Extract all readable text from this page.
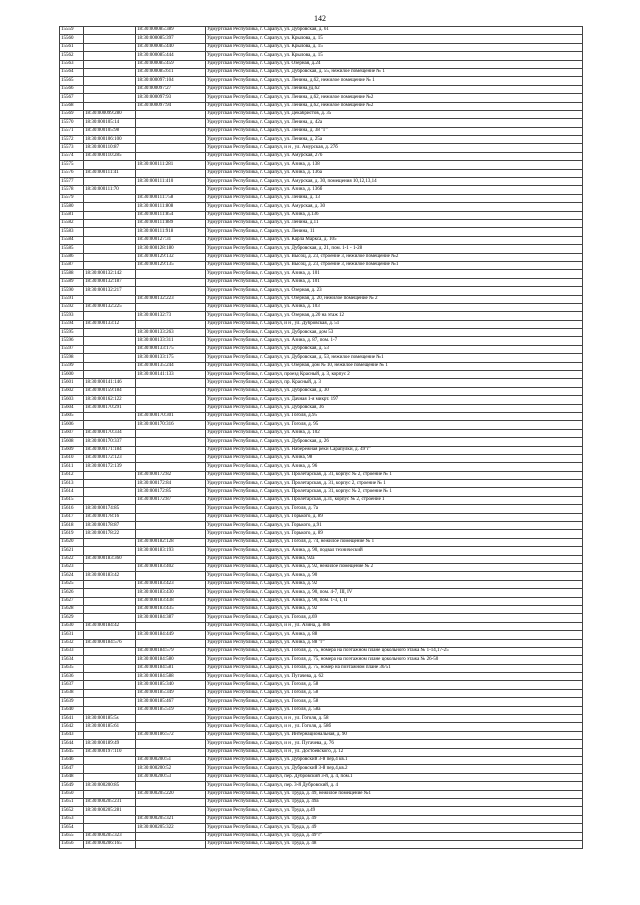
142
15559		18:30:000085:389	Удмуртская Республика, г. Сарапул, ул. Дубровская, д. 61
15560		18:30:000085:397	Удмуртская Республика, г. Сарапул, ул. Крылова, д. 15
15561		18:30:000085:440	Удмуртская Республика, г. Сарапул, ул. Крылова, д. 15
15562		18:30:000085:444	Удмуртская Республика, г. Сарапул, ул. Крылова, д. 15
15563		18:30:000085:459	Удмуртская Республика, г. Сарапул, ул. Озерная, д.24
15564		18:30:000085:611	Удмуртская Республика, г. Сарапул, ул. Дубровская, д. 55, нежилое помещение № 1
15565		18:30:000097:104	Удмуртская Республика, г. Сарапул, ул. Ленина, д.62, нежилое помещение № 1
15566		18:30:000097:27	Удмуртская Республика, г. Сарапул, ул. Ленина,уд.62
15567		18:30:000097:93	Удмуртская Республика, г. Сарапул, ул. Ленина, д.62, нежилое помещение №2
15568		18:30:000097:94	Удмуртская Республика, г. Сарапул, ул. Ленина, д.62, нежилое помещение №2
15569	18:30:000099:280		Удмуртская Республика, г. Сарапул, ул. Декабристов, д. 35
15570	18:30:000105:14		Удмуртская Республика, г. Сарапул, ул. Ленина, д. 42а
15571	18:30:000105:98		Удмуртская Республика, г. Сарапул, ул. Ленина, д. 38 "Г"
15572	18:30:000106:100		Удмуртская Республика, г. Сарапул, ул. Ленина, д. 25а
15573	18:30:000110:87		Удмуртская Республика, г. Сарапул, и н , ул. Амурская, д. 27б
15574	18:30:000110:285		Удмуртская Республика, г. Сарапул, ул. Амурская, 27б
15575		18:30:000111:281	Удмуртская Республика, г. Сарапул, ул. Азина, д. 138
15576	18:30:000111:41		Удмуртская Республика, г. Сарапул, ул. Азина, д. 136а
15577		18:30:000111:410	Удмуртская Республика, г. Сарапул, ул. Амурская, д. 30, помещения 10,12,13,14
15578	18:30:000111:70		Удмуртская Республика, г. Сарапул, ул. Азина, д. 136б
15579		18:30:000111:758	Удмуртская Республика, г. Сарапул, ул. Ленина, д. 13
15580		18:30:000111:808	Удмуртская Республика, г. Сарапул, ул. Амурская, д. 30
15581		18:30:000111:854	Удмуртская Республика, г. Сарапул, ул. Азина, д.136
15582		18:30:000111:889	Удмуртская Республика, г. Сарапул, ул. Ленина, д.11
15583		18:30:000111:918	Удмуртская Республика, г. Сарапул, ул. Ленина, 11
15584		18:30:000127:31	Удмуртская Республика, г. Сарапул, ул. Карла Маркса, д. 105
15585		18:30:000128:180	Удмуртская Республика, г. Сарапул, ул. Дубровская, д. 21, пом. 1-1 - 1-28
15586		18:30:000129:132	Удмуртская Республика, г. Сарапул, ул. Высоц, д. 23, строение 3, нежилое помещение №2
15587		18:30:000129:135	Удмуртская Республика, г. Сарапул, ул. Высоц, д. 23, строение 3, нежилое помещение №1
15588	18:30:000132:142		Удмуртская Республика, г. Сарапул, ул. Азина, д. 101
15589	18:30:000132:187		Удмуртская Республика, г. Сарапул, ул. Азина, д. 101
15590	18:30:000132:217		Удмуртская Республика, г. Сарапул, ул. Озерная, д. 23
15591		18:30:000132:223	Удмуртская Республика, г. Сарапул, ул. Озерная, д. 20, нежилое помещение № 2
15592	18:30:000132:225		Удмуртская Республика, г. Сарапул, ул. Азина, д. 103
15593		18:30:000132:73	Удмуртская Республика, г. Сарапул, ул. Озерная, д.20 на этаж 12
15594	18:30:000133:12		Удмуртская Республика, г. Сарапул, и н , ул. Дубровская, д. 51
15595		18:30:000133:263	Удмуртская Республика, г. Сарапул, ул. Дубровская, дом 53
15596		18:30:000133:311	Удмуртская Республика, г. Сарапул, ул. Азина, д. 87, пом. 1-7
15597		18:30:000133:175	Удмуртская Республика, г. Сарапул, ул. Дубровская, д. 53
15598		18:30:000133:175	Удмуртская Республика, г. Сарапул, ул. Дубровская, д. 53, нежилое помещение №1
15599		18:30:000135:244	Удмуртская Республика, г. Сарапул, ул. Озерная, дом № 10, нежилое помещение № 1
15600		18:30:000141:133	Удмуртская Республика, г. Сарапул, проезд Красный, д. 3, корпус 2
15601	18:30:000141:146		Удмуртская Республика, г. Сарапул, пр. Красный, д. 3
15602	18:30:000159:184		Удмуртская Республика, г. Сарапул, ул. Дубровская, д. 30
15603	18:30:000162:122		Удмуртская Республика, г. Сарапул, ул. Дачная 1-я микрт. 197
15604	18:30:000170:291		Удмуртская Республика, г. Сарапул, ул. Дубровская, 36
15605		18:30:000170:301	Удмуртская Республика, г. Сарапул, ул. Гоголя, д.95
15606		18:30:000170:316	Удмуртская Республика, г. Сарапул, ул. Гоголя, д. 95
15607	18:30:000170:334		Удмуртская Республика, г. Сарапул, ул. Азина, д. 102
15608	18:30:000170:337		Удмуртская Республика, г. Сарапул, ул. Дубровская, д. 26
15609	18:30:000171:184		Удмуртская Республика, г. Сарапул, ул. Набережная реки Сарапулки, д. 49"г"
15610	18:30:000172:123		Удмуртская Республика, г. Сарапул, ул. Азина, 98
15611	18:30:000172:139		Удмуртская Республика, г. Сарапул, ул. Азина, д. 96
15612		18:30:000172:82	Удмуртская Республика, г. Сарапул, ул. Пролетарская, д. 31, корпус № 2, строение № 1
15613		18:30:000172:84	Удмуртская Республика, г. Сарапул, ул. Пролетарская, д. 31, корпус 2, строение № 1
15614		18:30:000172:85	Удмуртская Республика, г. Сарапул, ул. Пролетарская, д. 31, корпус № 2, строение № 1
15615		18:30:000172:87	Удмуртская Республика, г. Сарапул, ул. Пролетарская, д.31, корпус № 2, строение 1
15616	18:30:000174:85		Удмуртская Республика, г. Сарапул, ул. Гоголя, д. 7а
15617	18:30:000178:16		Удмуртская Республика, г. Сарапул, ул. Горького, д. 89
15618	18:30:000178:87		Удмуртская Республика, г. Сарапул, ул. Горького, д.91
15619	18:30:000178:22		Удмуртская Республика, г. Сарапул, ул. Горького, д. 89
15620		18:30:000182:128	Удмуртская Республика, г. Сарапул, ул. Гоголя, д. 74, нежилое помещение № 1
15621		18:30:000183:193	Удмуртская Республика, г. Сарапул, ул. Азина, д. 90, подвал технический
15622	18:30:000183:360		Удмуртская Республика, г. Сарапул, ул. Азина, 92а
15623		18:30:000183:402	Удмуртская Республика, г. Сарапул, ул. Азина, д. 92, нежилое помещение № 2
15624	18:30:000183:42		Удмуртская Республика, г. Сарапул, ул. Азина, д. 90
15625		18:30:000183:423	Удмуртская Республика, г. Сарапул, ул. Азина, д. 92
15626		18:30:000183:430	Удмуртская Республика, г. Сарапул, ул. Азина, д. 90, пом. 4-7, III, IV
15627		18:30:000183:438	Удмуртская Республика, г. Сарапул, ул. Азина, д. 90, пом. 1-3, I, II
15628		18:30:000183:435	Удмуртская Республика, г. Сарапул, ул. Азина, д. 92
15629		18:30:000184:387	Удмуртская Республика, г. Сарапул, ул. Гоголя, д.69
15630	18:30:000184:42		Удмуртская Республика, г. Сарапул, и н , ул. Азина, д. 88б
15631		18:30:000184:449	Удмуртская Республика, г. Сарапул, ул. Азина, д. 88
15632	18:30:000184:576		Удмуртская Республика, г. Сарапул, ул. Азина, д. 88 "г"
15633		18:30:000184:579	Удмуртская Республика, г. Сарапул, ул. Гоголя, д. 75, номера на поэтажном плане цокольного этажа № 1-14,17-25
15634		18:30:000184:580	Удмуртская Республика, г. Сарапул, ул. Гоголя, д. 75, номера на поэтажном плане цокольного этажа № 26-50
15635		18:30:000184:581	Удмуртская Республика, г. Сарапул, ул. Гоголя, д. 75, номер на поэтажном плане 36/51
15636		18:30:000184:588	Удмуртская Республика, г. Сарапул, ул. Пугачева, д. 62
15637		18:30:000185:340	Удмуртская Республика, г. Сарапул, ул. Гоголя, д. 58
15638		18:30:000185:349	Удмуртская Республика, г. Сарапул, ул. Гоголя, д. 58
15639		18:30:000185:467	Удмуртская Республика, г. Сарапул, ул. Гоголя, д. 58
15640		18:30:000185:519	Удмуртская Республика, г. Сарапул, ул. Гоголя, д. 58а
15641	18:30:000185:5s		Удмуртская Республика, г. Сарапул, и н , ул. Гоголя, д. 58
15642	18:30:000185:61		Удмуртская Республика, г. Сарапул, и н , ул. Гоголя, д. 58б
15643		18:30:000186:572	Удмуртская Республика, г. Сарапул, ул. Интернациональная, д. 90
15644	18:30:000189:49		Удмуртская Республика, г. Сарапул, и н , ул. Пугачева, д. 76
15645	18:30:000197:110		Удмуртская Республика, г. Сарапул, и н , ул. Достоевского, д. 12
15646		18:30:000200:51	Удмуртская Республика, г. Сарапул, ул. Дубровский 3-й пер,4 кв.1
15647		18:30:000200:52	Удмуртская Республика, г. Сарапул, ул. Дубровский 3-й пер,4,кв.2
15648		18:30:000200:53	Удмуртская Республика, г. Сарапул, пер. Дубровский 3-й, д. 4, пом.1
15649	18:30:000200:85		Удмуртская Республика, г. Сарапул, пер. 3-й Дубровский, д. 4
15650		18:30:000205:220	Удмуртская Республика, г. Сарапул, ул. Труда, д. 49, нежилое помещение №1
15651	18:30:000205:231		Удмуртская Республика, г. Сарапул, ул. Труда, д. 49а
15652	18:30:000205:281		Удмуртская Республика, г. Сарапул, ул. Труда, д.49
15653		18:30:000205:321	Удмуртская Республика, г. Сарапул, ул. Труда, д. 49
15654		18:30:000205:322	Удмуртская Республика, г. Сарапул, ул. Труда, д. 49
15655	18:30:000205:323		Удмуртская Республика, г. Сарапул, ул. Труда, д. 49"г"
15656	18:30:000206:165		Удмуртская Республика, г. Сарапул, ул. Труда, д. 48
